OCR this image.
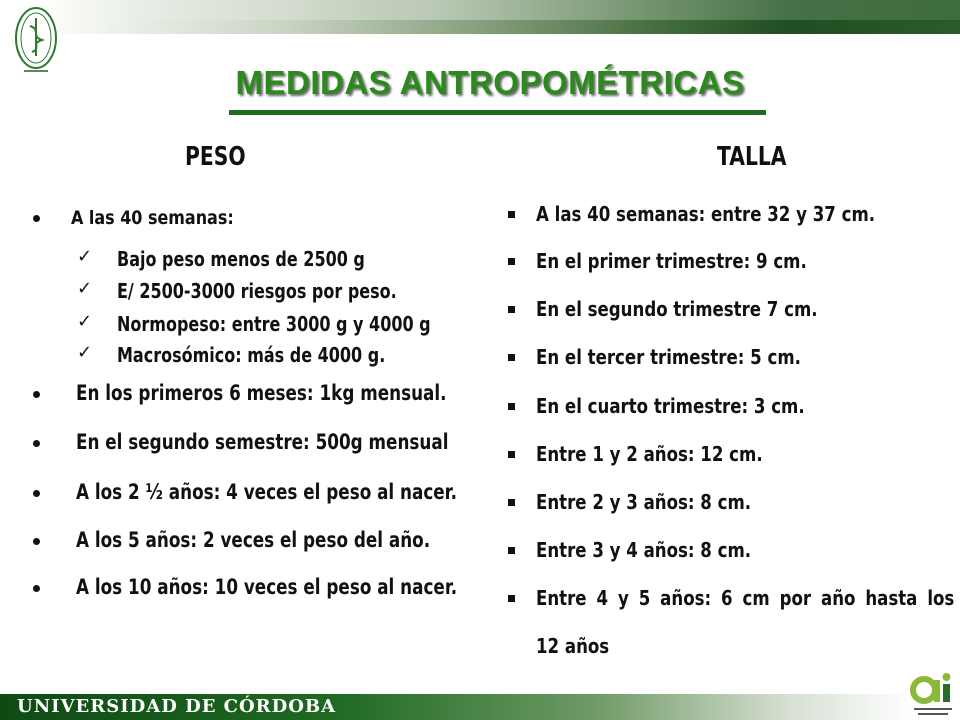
MEDIDAS ANTROPOMÉTRICAS
PESO
A las 40 semanas:
✓ Bajo peso menos de 2500 g
✓ E/ 2500-3000 riesgos por peso.
✓ Normopeso: entre 3000 g y 4000 g
✓ Macrosómico: más de 4000 g.
En los primeros 6 meses: 1kg mensual.
En el segundo semestre: 500g mensual
A los 2 ½ años: 4 veces el peso al nacer.
A los 5 años: 2 veces el peso del año.
A los 10 años: 10 veces el peso al nacer.
TALLA
A las 40 semanas: entre 32 y 37 cm.
En el primer trimestre: 9 cm.
En el segundo trimestre 7 cm.
En el tercer trimestre: 5 cm.
En el cuarto trimestre: 3 cm.
Entre 1 y 2 años: 12 cm.
Entre 2 y 3 años: 8 cm.
Entre 3 y 4 años: 8 cm.
Entre 4 y 5 años: 6 cm por año hasta los
12 años
UNIVERSIDAD DE CÓRDOBA
